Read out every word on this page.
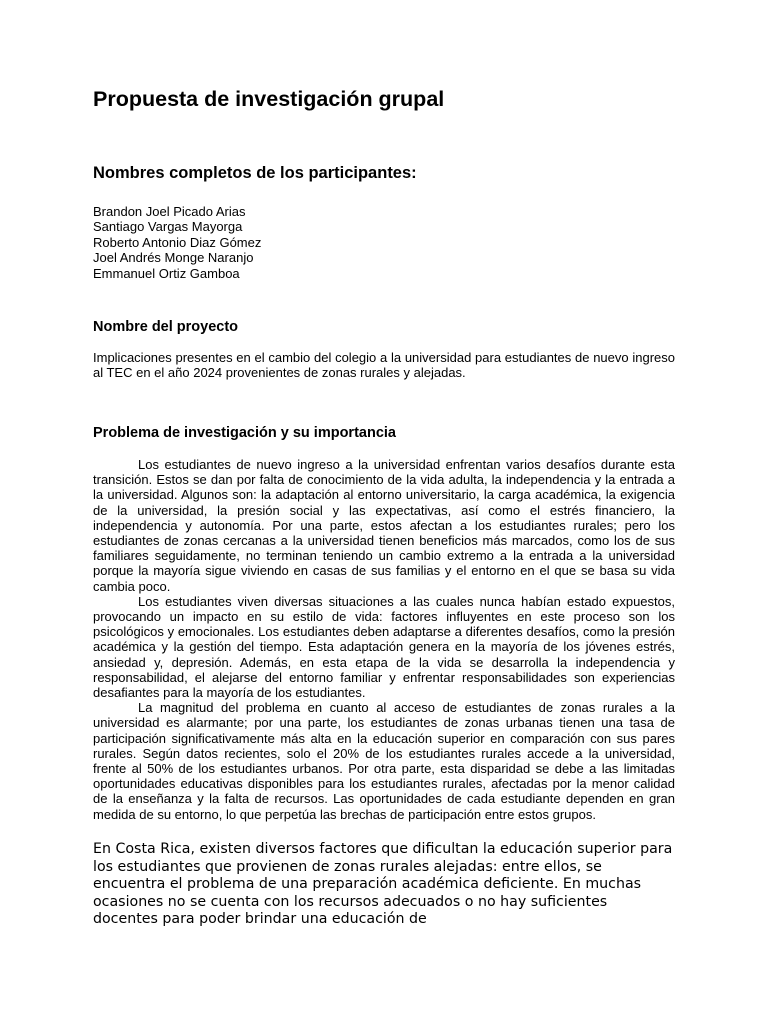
Propuesta de investigación grupal
Nombres completos de los participantes:
Brandon Joel Picado Arias
Santiago Vargas Mayorga
Roberto Antonio Diaz Gómez
Joel Andrés Monge Naranjo
Emmanuel Ortiz Gamboa
Nombre del proyecto

Implicaciones presentes en el cambio del colegio a la universidad para estudiantes de nuevo ingreso al TEC en el año 2024 provenientes de zonas rurales y alejadas.

Problema de investigación y su importancia

Los estudiantes de nuevo ingreso a la universidad enfrentan varios desafíos durante esta transición. Estos se dan por falta de conocimiento de la vida adulta, la independencia y la entrada a la universidad. Algunos son: la adaptación al entorno universitario, la carga académica, la exigencia de la universidad, la presión social y las expectativas, así como el estrés financiero, la independencia y autonomía. Por una parte, estos afectan a los estudiantes rurales; pero los estudiantes de zonas cercanas a la universidad tienen beneficios más marcados, como los de sus familiares seguidamente, no terminan teniendo un cambio extremo a la entrada a la universidad porque la mayoría sigue viviendo en casas de sus familias y el entorno en el que se basa su vida cambia poco.

Los estudiantes viven diversas situaciones a las cuales nunca habían estado expuestos, provocando un impacto en su estilo de vida: factores influyentes en este proceso son los psicológicos y emocionales. Los estudiantes deben adaptarse a diferentes desafíos, como la presión académica y la gestión del tiempo. Esta adaptación genera en la mayoría de los jóvenes estrés, ansiedad y, depresión. Además, en esta etapa de la vida se desarrolla la independencia y responsabilidad, el alejarse del entorno familiar y enfrentar responsabilidades son experiencias desafiantes para la mayoría de los estudiantes.

La magnitud del problema en cuanto al acceso de estudiantes de zonas rurales a la universidad es alarmante; por una parte, los estudiantes de zonas urbanas tienen una tasa de participación significativamente más alta en la educación superior en comparación con sus pares rurales. Según datos recientes, solo el 20% de los estudiantes rurales accede a la universidad, frente al 50% de los estudiantes urbanos. Por otra parte, esta disparidad se debe a las limitadas oportunidades educativas disponibles para los estudiantes rurales, afectadas por la menor calidad de la enseñanza y la falta de recursos. Las oportunidades de cada estudiante dependen en gran medida de su entorno, lo que perpetúa las brechas de participación entre estos grupos.

En Costa Rica, existen diversos factores que dificultan la educación superior para los estudiantes que provienen de zonas rurales alejadas: entre ellos, se encuentra el problema de una preparación académica deficiente. En muchas ocasiones no se cuenta con los recursos adecuados o no hay suficientes docentes para poder brindar una educación de
